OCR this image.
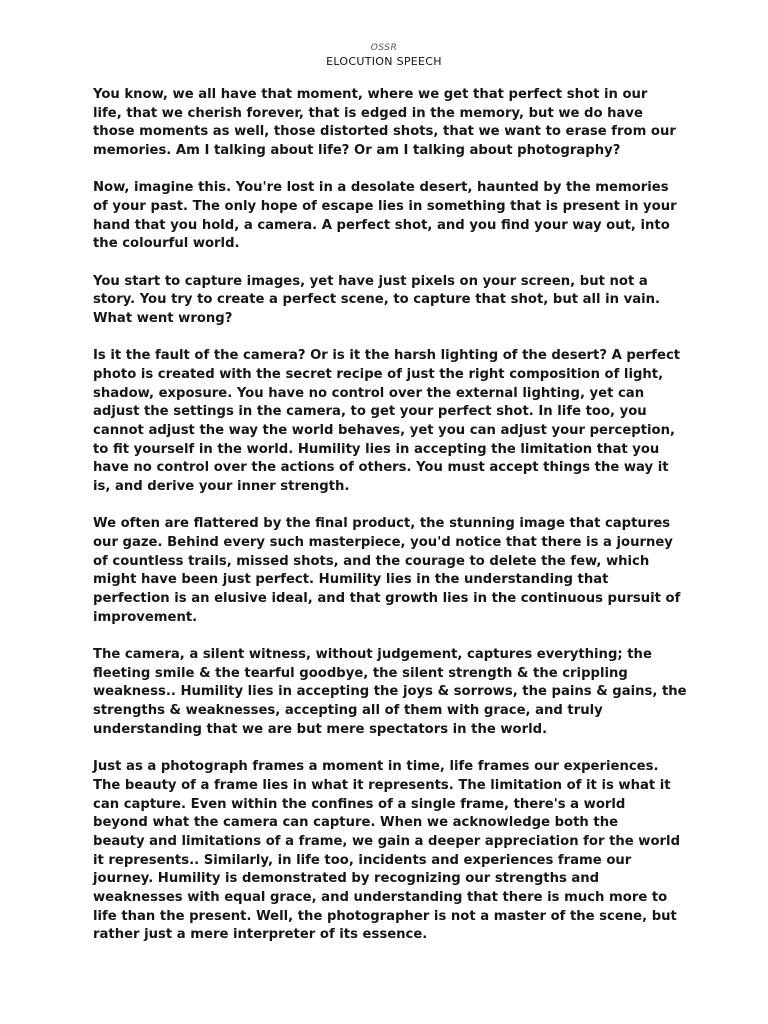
OSSR
ELOCUTION SPEECH

You know, we all have that moment, where we get that perfect shot in our
life, that we cherish forever, that is edged in the memory, but we do have
those moments as well, those distorted shots, that we want to erase from our
memories. Am I talking about life? Or am I talking about photography?

Now, imagine this. You're lost in a desolate desert, haunted by the memories
of your past. The only hope of escape lies in something that is present in your
hand that you hold, a camera. A perfect shot, and you find your way out, into
the colourful world.

You start to capture images, yet have just pixels on your screen, but not a
story. You try to create a perfect scene, to capture that shot, but all in vain.
What went wrong?

Is it the fault of the camera? Or is it the harsh lighting of the desert? A perfect
photo is created with the secret recipe of just the right composition of light,
shadow, exposure. You have no control over the external lighting, yet can
adjust the settings in the camera, to get your perfect shot. In life too, you
cannot adjust the way the world behaves, yet you can adjust your perception,
to fit yourself in the world. Humility lies in accepting the limitation that you
have no control over the actions of others. You must accept things the way it
is, and derive your inner strength.

We often are flattered by the final product, the stunning image that captures
our gaze. Behind every such masterpiece, you'd notice that there is a journey
of countless trails, missed shots, and the courage to delete the few, which
might have been just perfect. Humility lies in the understanding that
perfection is an elusive ideal, and that growth lies in the continuous pursuit of
improvement.

The camera, a silent witness, without judgement, captures everything; the
fleeting smile & the tearful goodbye, the silent strength & the crippling
weakness.. Humility lies in accepting the joys & sorrows, the pains & gains, the
strengths & weaknesses, accepting all of them with grace, and truly
understanding that we are but mere spectators in the world.

Just as a photograph frames a moment in time, life frames our experiences.
The beauty of a frame lies in what it represents. The limitation of it is what it
can capture. Even within the confines of a single frame, there's a world
beyond what the camera can capture. When we acknowledge both the
beauty and limitations of a frame, we gain a deeper appreciation for the world
it represents.. Similarly, in life too, incidents and experiences frame our
journey. Humility is demonstrated by recognizing our strengths and
weaknesses with equal grace, and understanding that there is much more to
life than the present. Well, the photographer is not a master of the scene, but
rather just a mere interpreter of its essence.
